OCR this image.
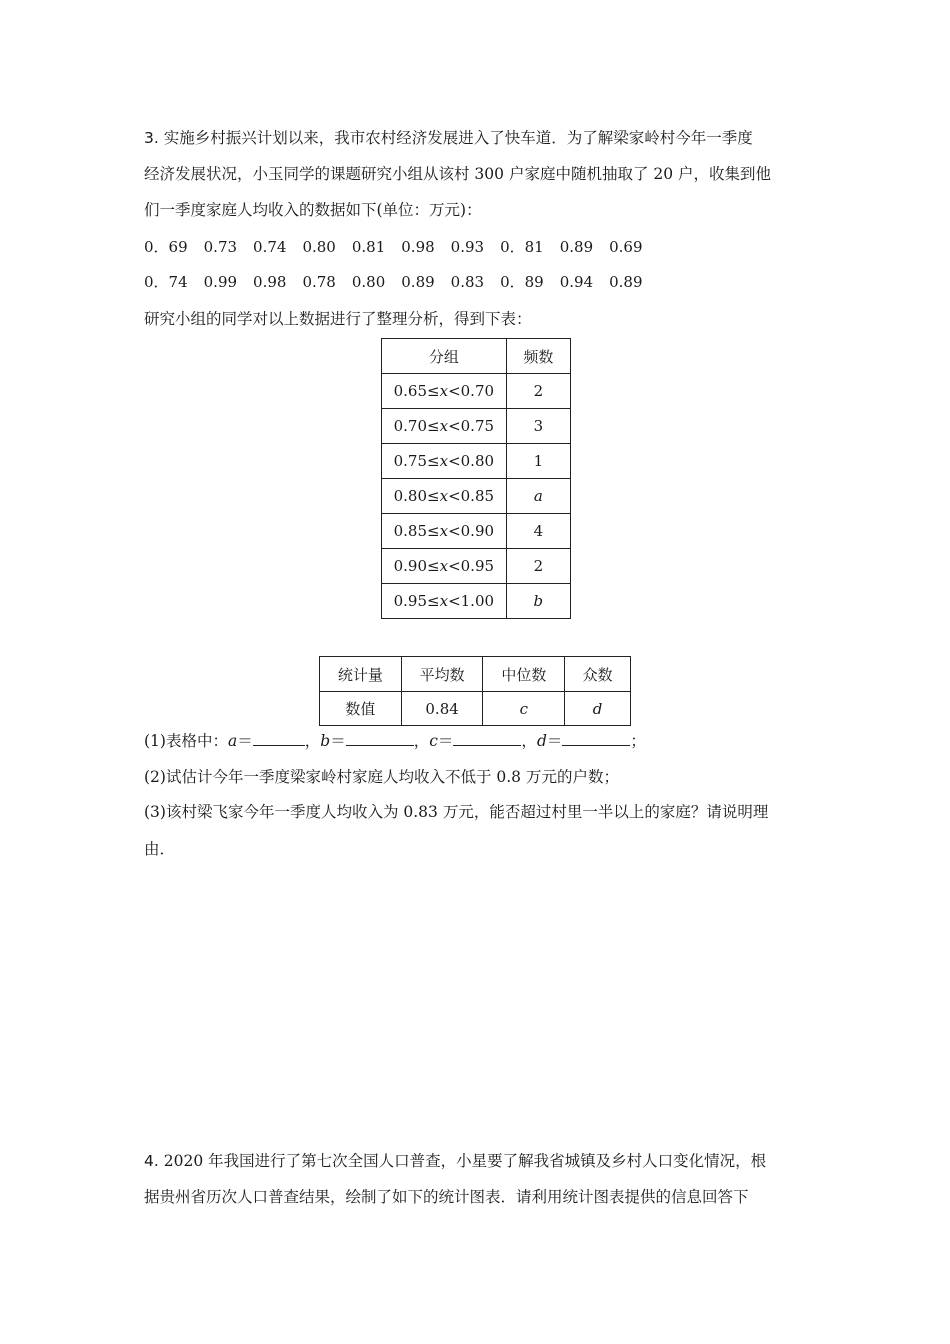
3. 实施乡村振兴计划以来，我市农村经济发展进入了快车道．为了解梁家岭村今年一季度
经济发展状况，小玉同学的课题研究小组从该村 300 户家庭中随机抽取了 20 户，收集到他
们一季度家庭人均收入的数据如下(单位：万元)：
0．69 0.73 0.74 0.80 0.81 0.98 0.93 0．81 0.89 0.69
0．74 0.99 0.98 0.78 0.80 0.89 0.83 0．89 0.94 0.89
研究小组的同学对以上数据进行了整理分析，得到下表：
分组	频数
0.65≤x<0.70	2
0.70≤x<0.75	3
0.75≤x<0.80	1
0.80≤x<0.85	a
0.85≤x<0.90	4
0.90≤x<0.95	2
0.95≤x<1.00	b
统计量	平均数	中位数	众数
数值	0.84	c	d
(1)表格中：a＝	，b＝	，c＝	，d＝	；
(2)试估计今年一季度梁家岭村家庭人均收入不低于 0.8 万元的户数；
(3)该村梁飞家今年一季度人均收入为 0.83 万元，能否超过村里一半以上的家庭？请说明理
由．
4. 2020 年我国进行了第七次全国人口普查，小星要了解我省城镇及乡村人口变化情况，根
据贵州省历次人口普查结果，绘制了如下的统计图表．请利用统计图表提供的信息回答下
